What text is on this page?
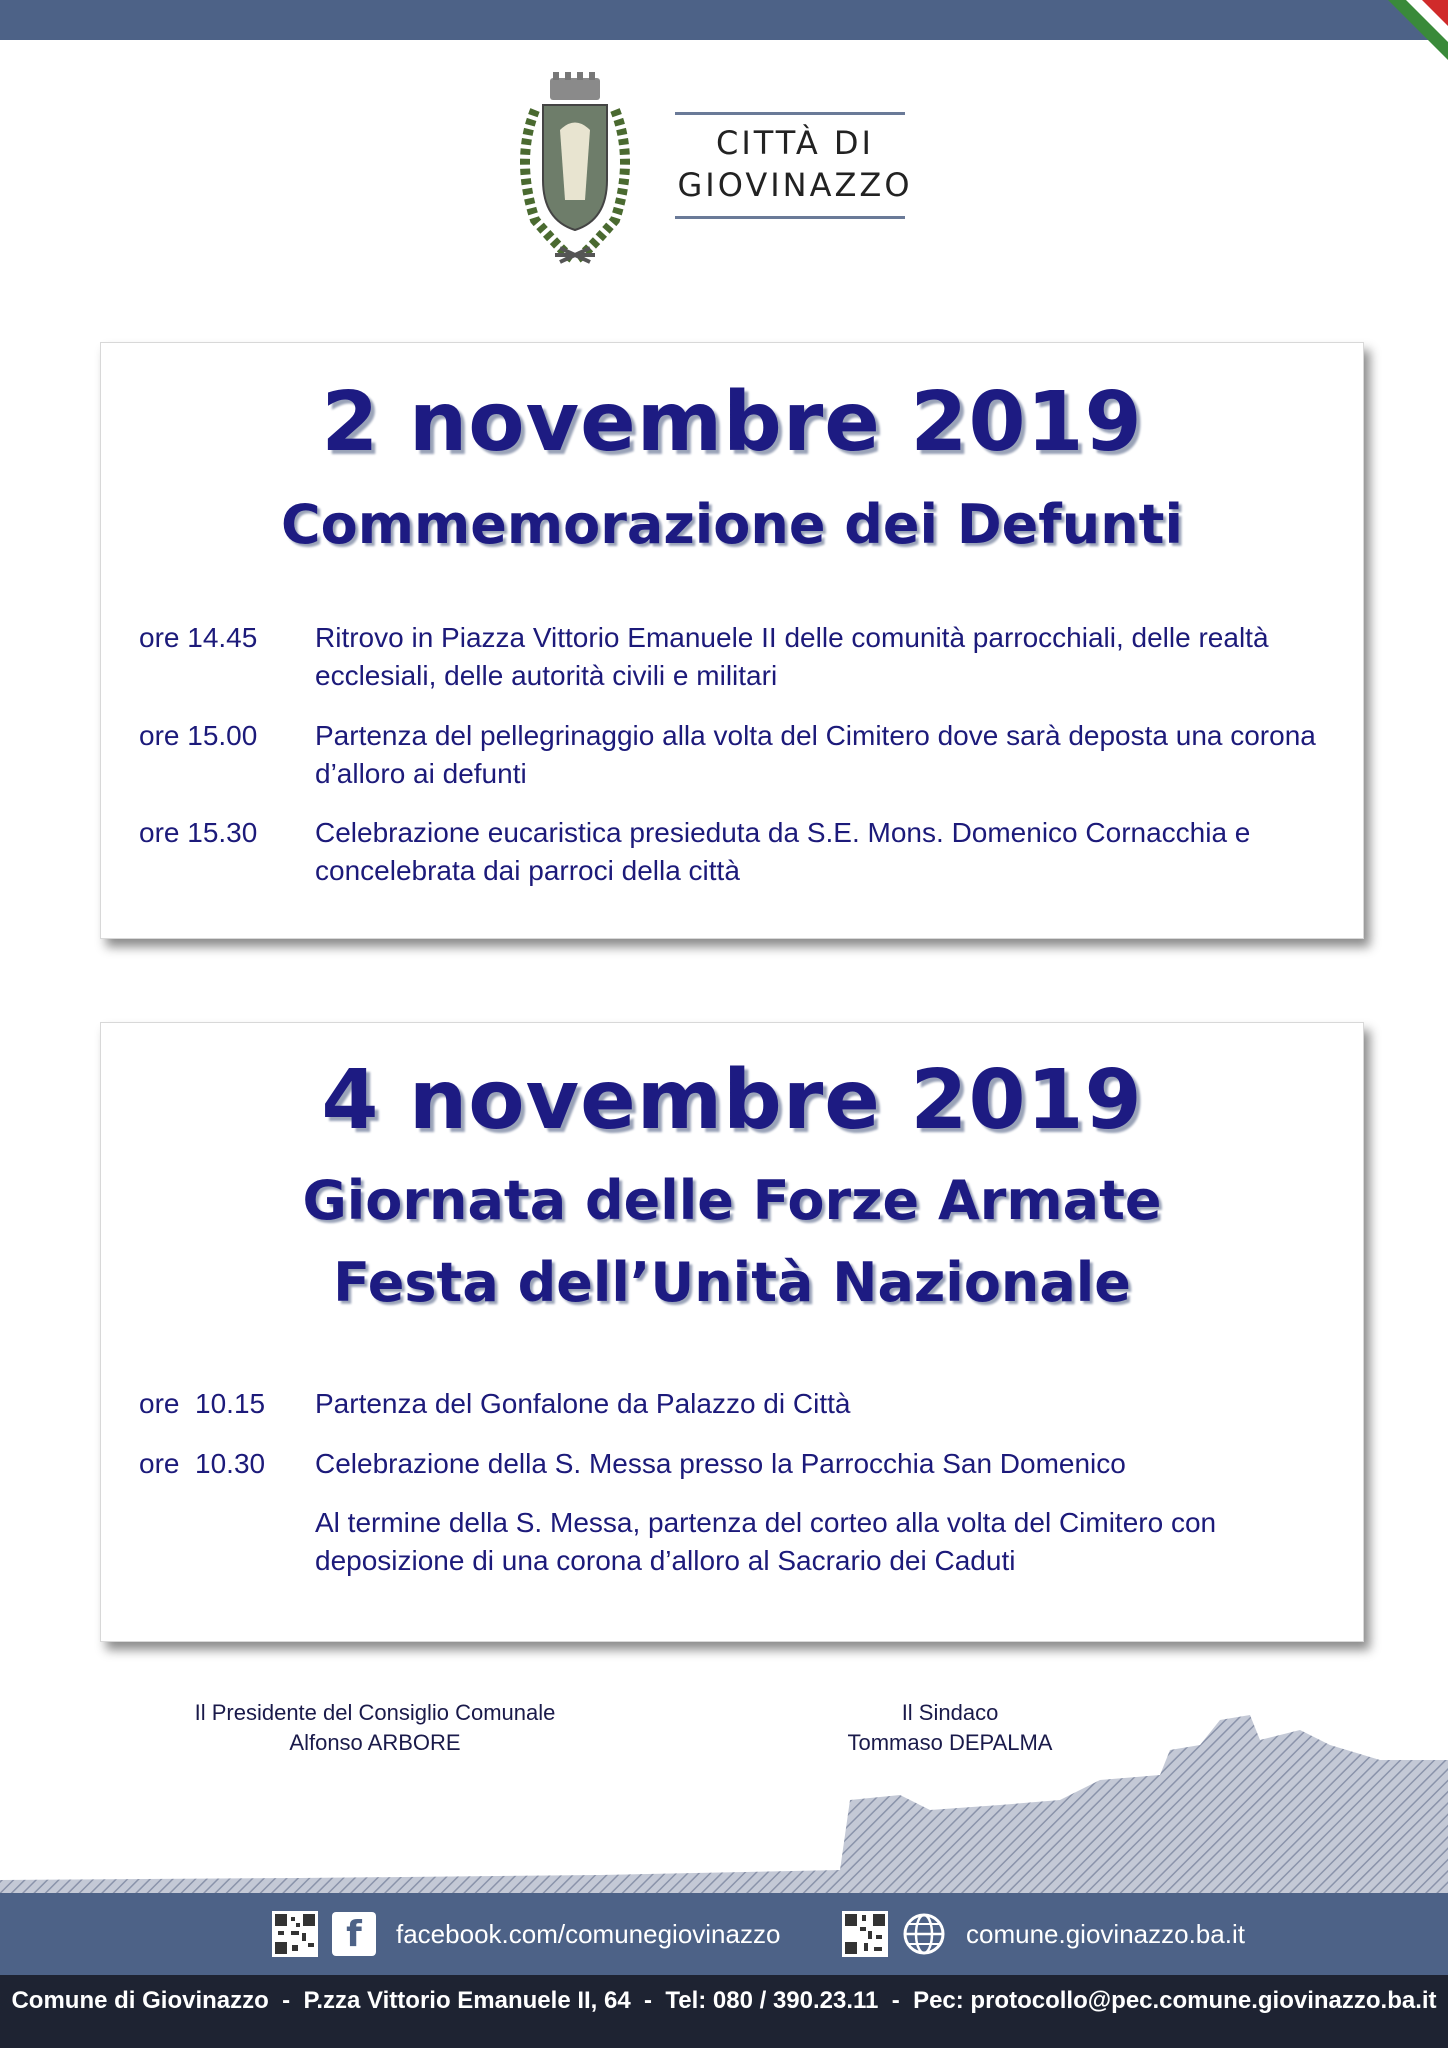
CITTÀ DI
GIOVINAZZO
2 novembre 2019
Commemorazione dei Defunti
ore 14.45	Ritrovo in Piazza Vittorio Emanuele II delle comunità parrocchiali, delle realtà ecclesiali, delle autorità civili e militari
ore 15.00	Partenza del pellegrinaggio alla volta del Cimitero dove sarà deposta una corona d’alloro ai defunti
ore 15.30	Celebrazione eucaristica presieduta da S.E. Mons. Domenico Cornacchia e concelebrata dai parroci della città
4 novembre 2019
Giornata delle Forze Armate
Festa dell’Unità Nazionale
ore  10.15	Partenza del Gonfalone da Palazzo di Città
ore  10.30	Celebrazione della S. Messa presso la Parrocchia San Domenico
Al termine della S. Messa, partenza del corteo alla volta del Cimitero con deposizione di una corona d’alloro al Sacrario dei Caduti
Il Presidente del Consiglio Comunale
Alfonso ARBORE
Il Sindaco
Tommaso DEPALMA
f	facebook.com/comunegiovinazzo	comune.giovinazzo.ba.it
Comune di Giovinazzo  -  P.zza Vittorio Emanuele II, 64  -  Tel: 080 / 390.23.11  -  Pec: protocollo@pec.comune.giovinazzo.ba.it
